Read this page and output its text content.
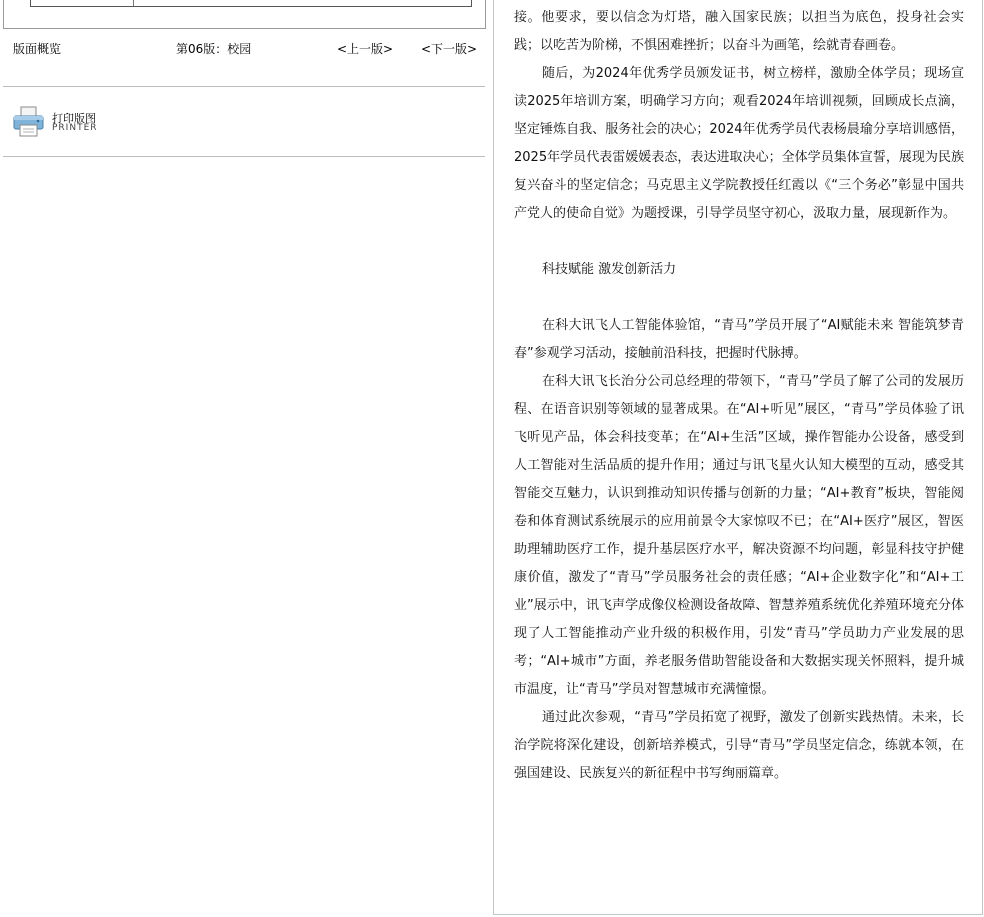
版面概览	第06版：校园	<上一版> <下一版>
打印版图
PRINTER

接。他要求，要以信念为灯塔，融入国家民族；以担当为底色，投身社会实践；以吃苦为阶梯，不惧困难挫折；以奋斗为画笔，绘就青春画卷。

随后，为2024年优秀学员颁发证书，树立榜样，激励全体学员；现场宣读2025年培训方案，明确学习方向；观看2024年培训视频，回顾成长点滴，坚定锤炼自我、服务社会的决心；2024年优秀学员代表杨晨瑜分享培训感悟，2025年学员代表雷媛媛表态，表达进取决心；全体学员集体宣誓，展现为民族复兴奋斗的坚定信念；马克思主义学院教授任红霞以《“三个务必”彰显中国共产党人的使命自觉》为题授课，引导学员坚守初心，汲取力量，展现新作为。

科技赋能 激发创新活力

在科大讯飞人工智能体验馆，“青马”学员开展了“AI赋能未来 智能筑梦青春”参观学习活动，接触前沿科技，把握时代脉搏。

在科大讯飞长治分公司总经理的带领下，“青马”学员了解了公司的发展历程、在语音识别等领域的显著成果。在“AI+听见”展区，“青马”学员体验了讯飞听见产品，体会科技变革；在“AI+生活”区域，操作智能办公设备，感受到人工智能对生活品质的提升作用；通过与讯飞星火认知大模型的互动，感受其智能交互魅力，认识到推动知识传播与创新的力量；“AI+教育”板块，智能阅卷和体育测试系统展示的应用前景令大家惊叹不已；在“AI+医疗”展区，智医助理辅助医疗工作，提升基层医疗水平，解决资源不均问题，彰显科技守护健康价值，激发了“青马”学员服务社会的责任感；“AI+企业数字化”和“AI+工业”展示中，讯飞声学成像仪检测设备故障、智慧养殖系统优化养殖环境充分体现了人工智能推动产业升级的积极作用，引发“青马”学员助力产业发展的思考；“AI+城市”方面，养老服务借助智能设备和大数据实现关怀照料，提升城市温度，让“青马”学员对智慧城市充满憧憬。

通过此次参观，“青马”学员拓宽了视野，激发了创新实践热情。未来，长治学院将深化建设，创新培养模式，引导“青马”学员坚定信念，练就本领，在强国建设、民族复兴的新征程中书写绚丽篇章。
